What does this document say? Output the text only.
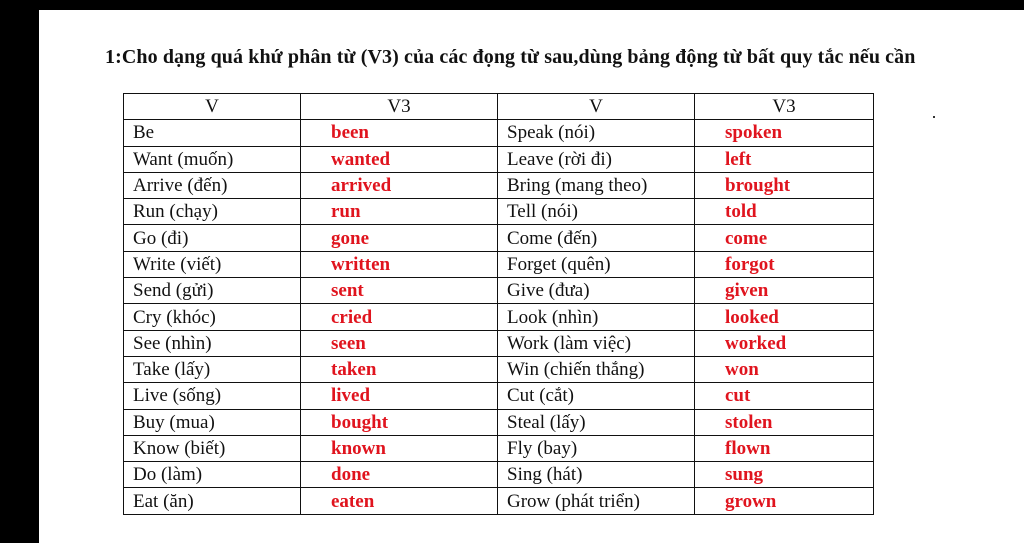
1:Cho dạng quá khứ phân từ (V3) của các đọng từ sau,dùng bảng động từ bất quy tắc nếu cần
V	V3	V	V3
Be	been	Speak (nói)	spoken
Want (muốn)	wanted	Leave (rời đi)	left
Arrive (đến)	arrived	Bring (mang theo)	brought
Run (chạy)	run	Tell (nói)	told
Go (đi)	gone	Come (đến)	come
Write (viết)	written	Forget (quên)	forgot
Send (gửi)	sent	Give (đưa)	given
Cry (khóc)	cried	Look (nhìn)	looked
See (nhìn)	seen	Work (làm việc)	worked
Take (lấy)	taken	Win (chiến thắng)	won
Live (sống)	lived	Cut (cắt)	cut
Buy (mua)	bought	Steal (lấy)	stolen
Know (biết)	known	Fly (bay)	flown
Do (làm)	done	Sing (hát)	sung
Eat (ăn)	eaten	Grow (phát triển)	grown
